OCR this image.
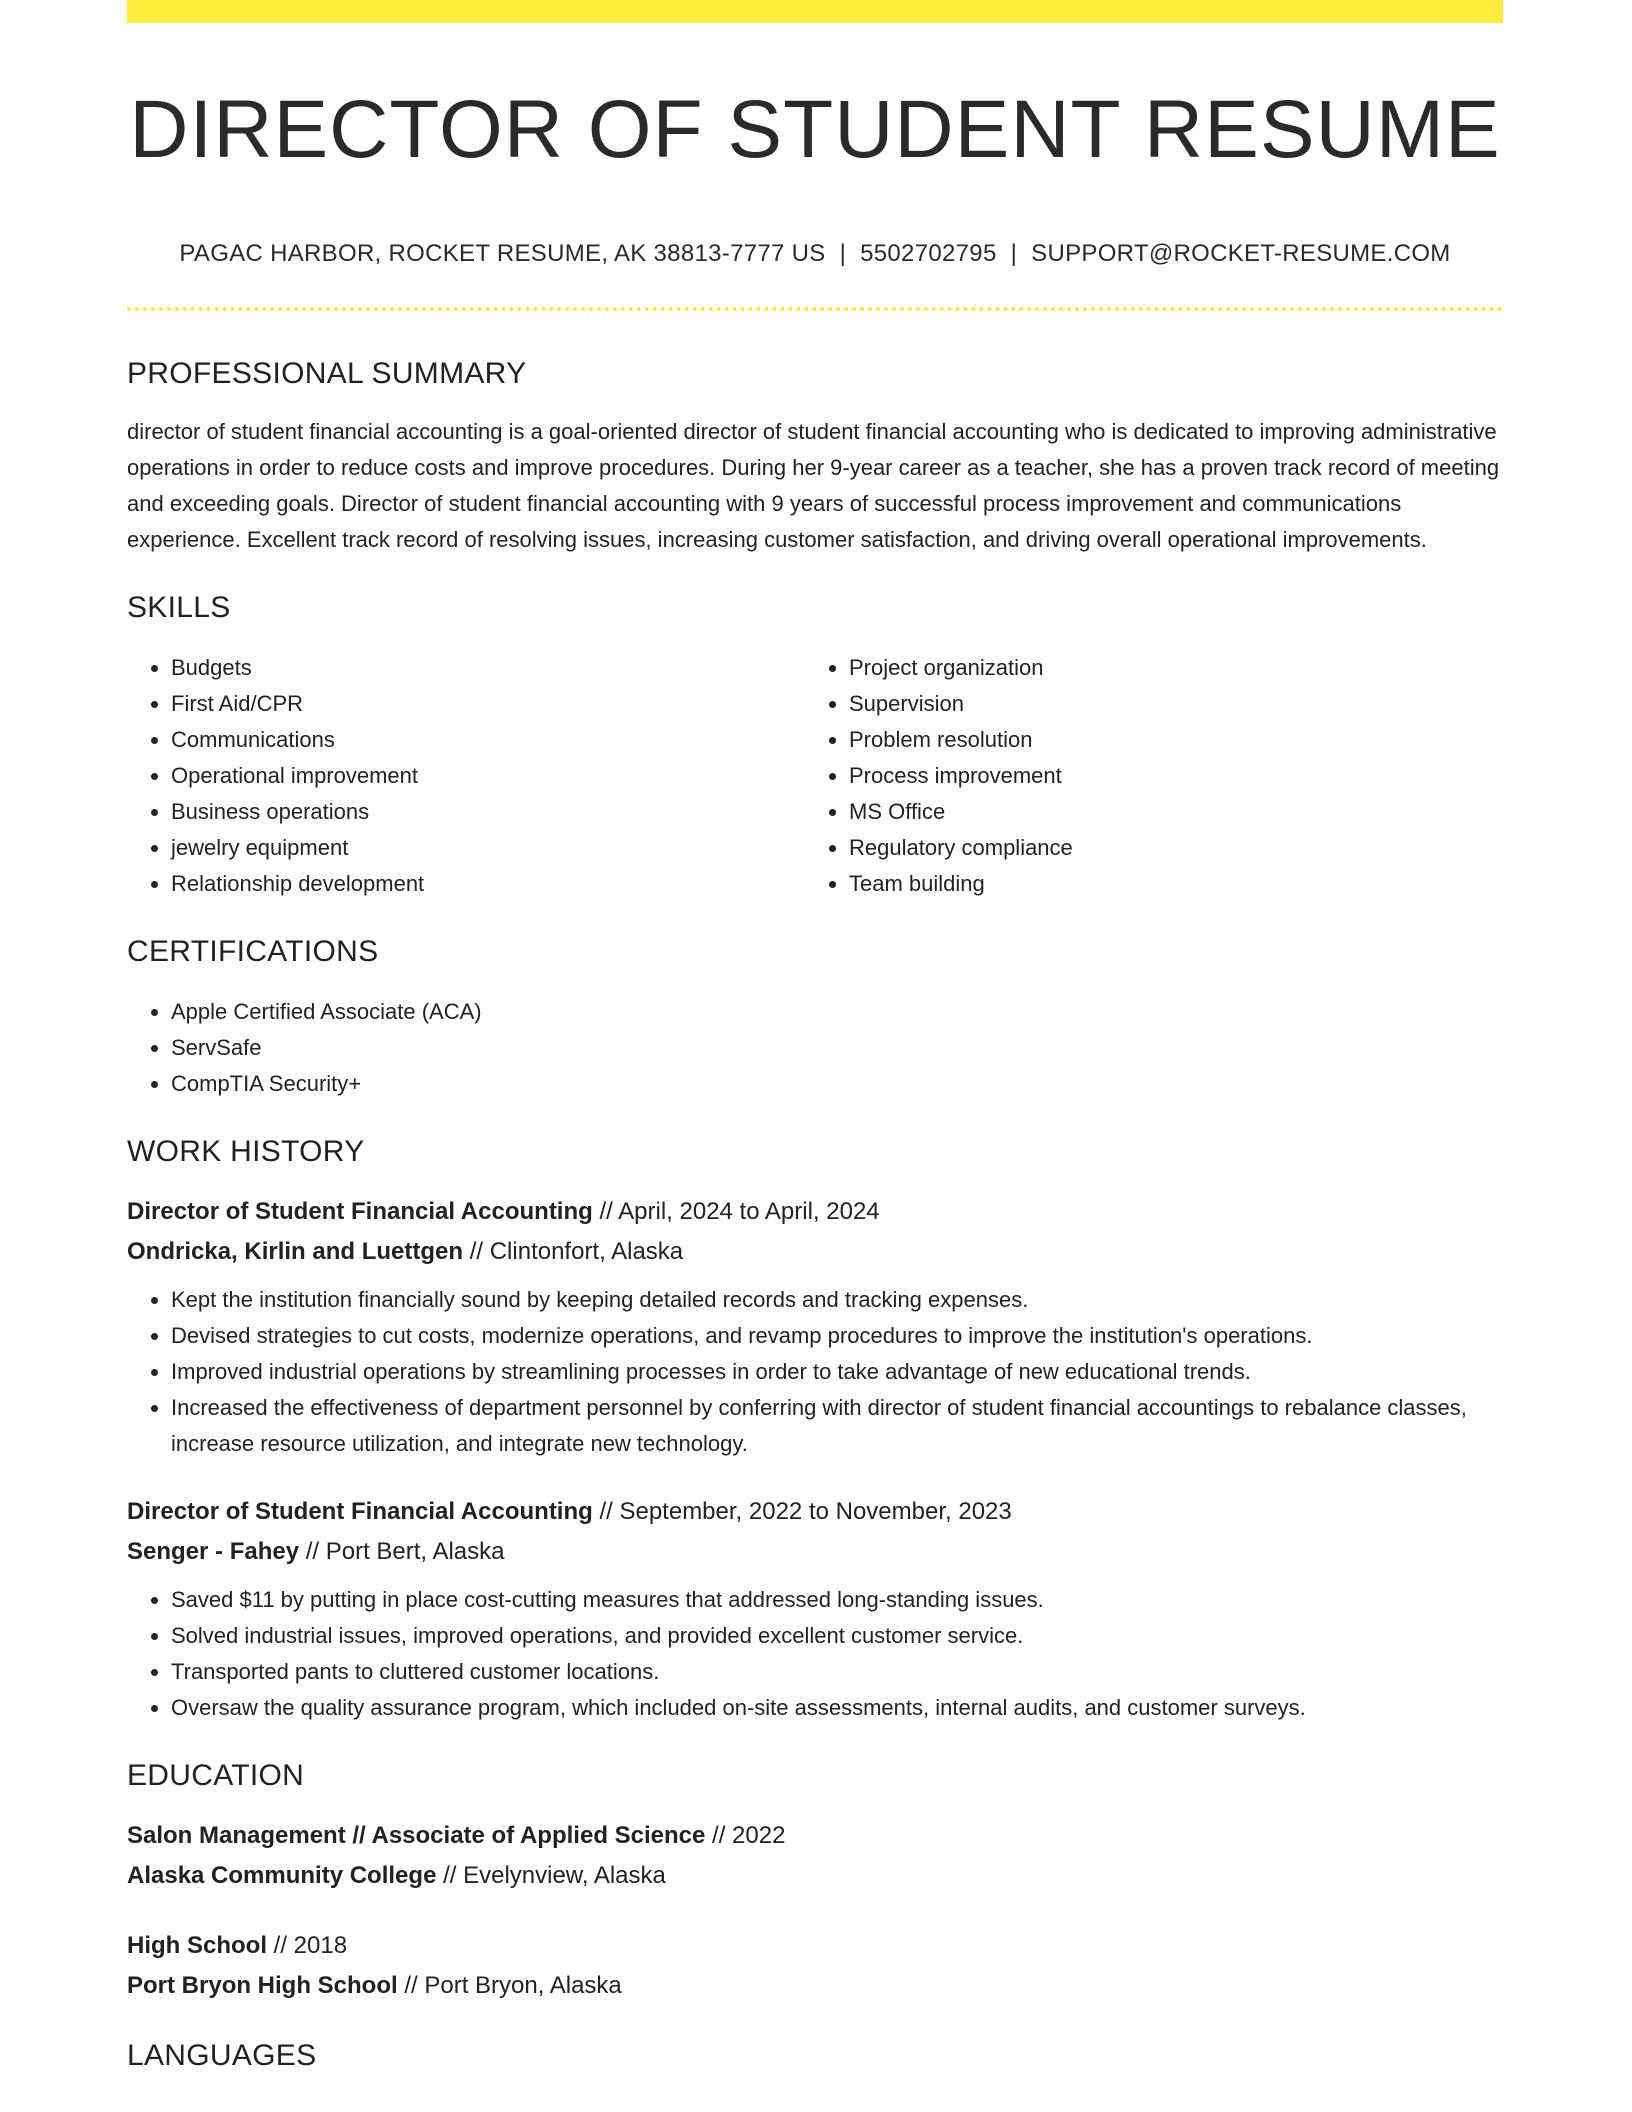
DIRECTOR OF STUDENT RESUME
PAGAC HARBOR, ROCKET RESUME, AK 38813-7777 US | 5502702795 | SUPPORT@ROCKET-RESUME.COM
PROFESSIONAL SUMMARY

director of student financial accounting is a goal-oriented director of student financial accounting who is dedicated to improving administrative operations in order to reduce costs and improve procedures. During her 9-year career as a teacher, she has a proven track record of meeting and exceeding goals. Director of student financial accounting with 9 years of successful process improvement and communications experience. Excellent track record of resolving issues, increasing customer satisfaction, and driving overall operational improvements.

SKILLS
• Budgets
• First Aid/CPR
• Communications
• Operational improvement
• Business operations
• jewelry equipment
• Relationship development
• Project organization
• Supervision
• Problem resolution
• Process improvement
• MS Office
• Regulatory compliance
• Team building
CERTIFICATIONS
• Apple Certified Associate (ACA)
• ServSafe
• CompTIA Security+
WORK HISTORY
Director of Student Financial Accounting // April, 2024 to April, 2024
Ondricka, Kirlin and Luettgen // Clintonfort, Alaska
• Kept the institution financially sound by keeping detailed records and tracking expenses.
• Devised strategies to cut costs, modernize operations, and revamp procedures to improve the institution's operations.
• Improved industrial operations by streamlining processes in order to take advantage of new educational trends.
• Increased the effectiveness of department personnel by conferring with director of student financial accountings to rebalance classes, increase resource utilization, and integrate new technology.
Director of Student Financial Accounting // September, 2022 to November, 2023
Senger - Fahey // Port Bert, Alaska
• Saved $11 by putting in place cost-cutting measures that addressed long-standing issues.
• Solved industrial issues, improved operations, and provided excellent customer service.
• Transported pants to cluttered customer locations.
• Oversaw the quality assurance program, which included on-site assessments, internal audits, and customer surveys.
EDUCATION
Salon Management // Associate of Applied Science // 2022
Alaska Community College // Evelynview, Alaska
High School // 2018
Port Bryon High School // Port Bryon, Alaska
LANGUAGES
